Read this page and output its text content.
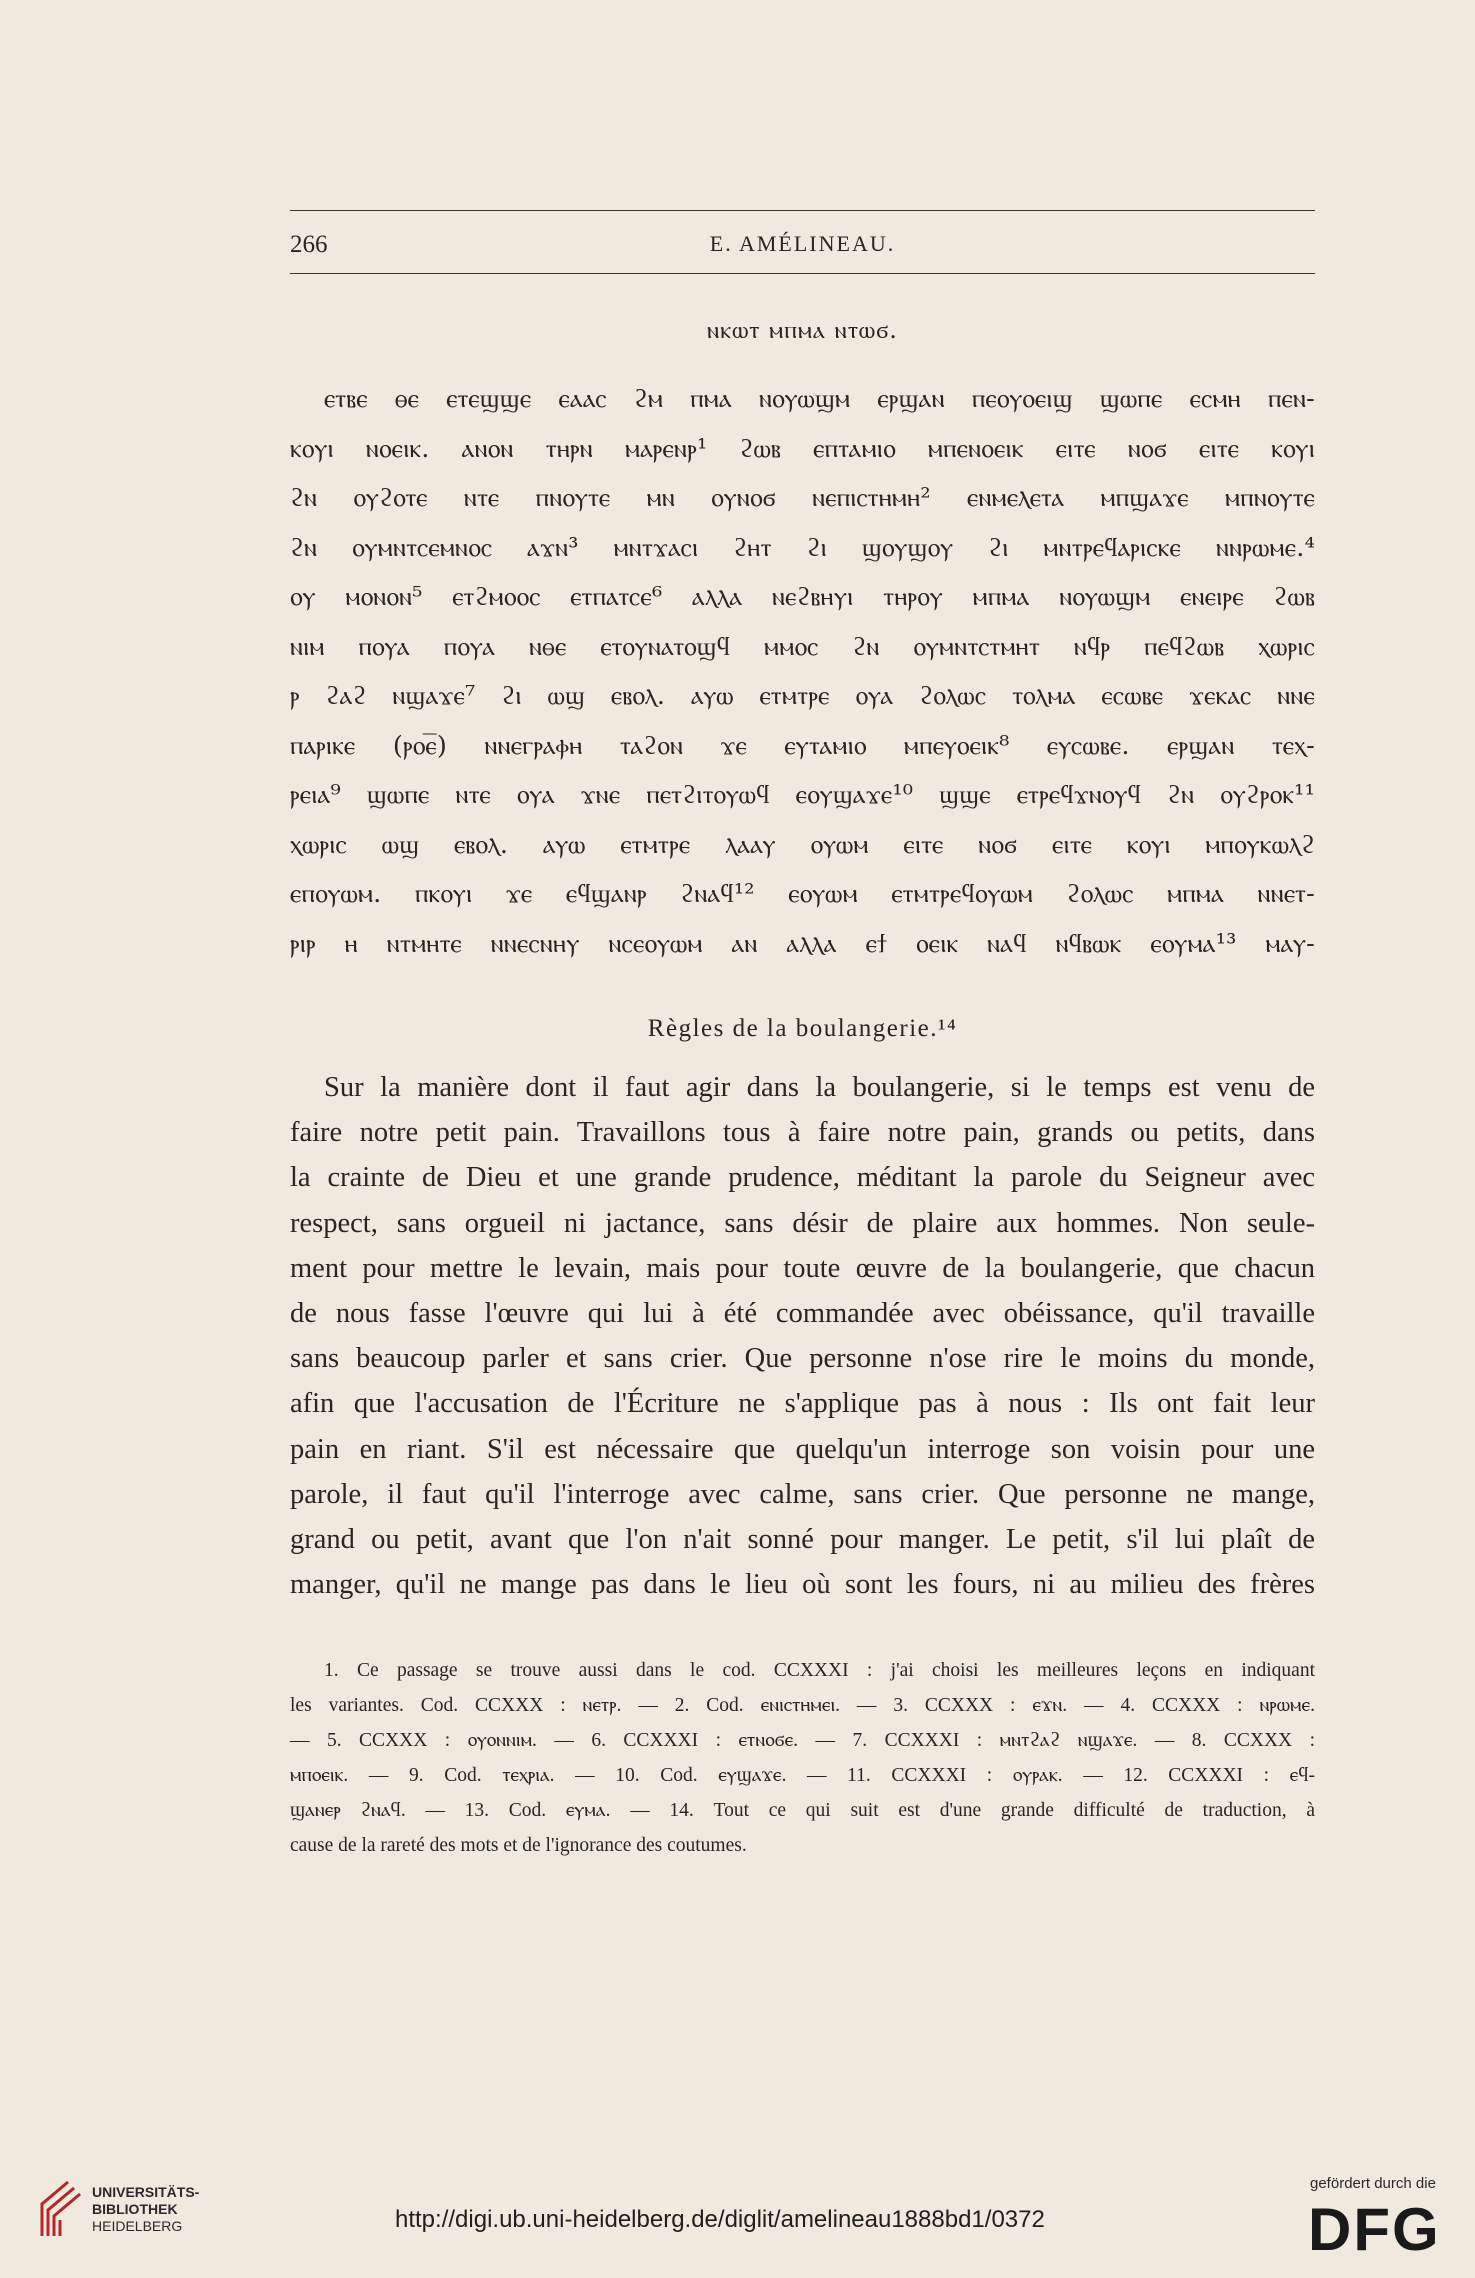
266	E. AMÉLINEAU.
ⲛⲕⲱⲧ ⲙⲡⲙⲁ ⲛⲧⲱϭ.

ⲉⲧⲃⲉ ⲑⲉ ⲉⲧⲉϣϣⲉ ⲉⲁⲁⲥ ϩⲙ ⲡⲙⲁ ⲛⲟⲩⲱϣⲙ ⲉⲣϣⲁⲛ ⲡⲉⲟⲩⲟⲉⲓϣ ϣⲱⲡⲉ ⲉⲥⲙⲏ ⲡⲉⲛ-
ⲕⲟⲩⲓ ⲛⲟⲉⲓⲕ. ⲁⲛⲟⲛ ⲧⲏⲣⲛ ⲙⲁⲣⲉⲛⲣ¹ ϩⲱⲃ ⲉⲡⲧⲁⲙⲓⲟ ⲙⲡⲉⲛⲟⲉⲓⲕ ⲉⲓⲧⲉ ⲛⲟϭ ⲉⲓⲧⲉ ⲕⲟⲩⲓ
ϩⲛ ⲟⲩϩⲟⲧⲉ ⲛⲧⲉ ⲡⲛⲟⲩⲧⲉ ⲙⲛ ⲟⲩⲛⲟϭ ⲛⲉⲡⲓⲥⲧⲏⲙⲏ² ⲉⲛⲙⲉⲗⲉⲧⲁ ⲙⲡϣⲁϫⲉ ⲙⲡⲛⲟⲩⲧⲉ
ϩⲛ ⲟⲩⲙⲛⲧⲥⲉⲙⲛⲟⲥ ⲁϫⲛ³ ⲙⲛⲧϫⲁⲥⲓ ϩⲏⲧ ϩⲓ ϣⲟⲩϣⲟⲩ ϩⲓ ⲙⲛⲧⲣⲉϥⲁⲣⲓⲥⲕⲉ ⲛⲛⲣⲱⲙⲉ.⁴
ⲟⲩ ⲙⲟⲛⲟⲛ⁵ ⲉⲧϩⲙⲟⲟⲥ ⲉⲧⲡⲁⲧⲥⲉ⁶ ⲁⲗⲗⲁ ⲛⲉϩⲃⲏⲩⲓ ⲧⲏⲣⲟⲩ ⲙⲡⲙⲁ ⲛⲟⲩⲱϣⲙ ⲉⲛⲉⲓⲣⲉ ϩⲱⲃ
ⲛⲓⲙ ⲡⲟⲩⲁ ⲡⲟⲩⲁ ⲛⲑⲉ ⲉⲧⲟⲩⲛⲁⲧⲟϣϥ ⲙⲙⲟⲥ ϩⲛ ⲟⲩⲙⲛⲧⲥⲧⲙⲏⲧ ⲛϥⲣ ⲡⲉϥϩⲱⲃ ⲭⲱⲣⲓⲥ
ⲣ ϩⲁϩ ⲛϣⲁϫⲉ⁷ ϩⲓ ⲱϣ ⲉⲃⲟⲗ. ⲁⲩⲱ ⲉⲧⲙⲧⲣⲉ ⲟⲩⲁ ϩⲟⲗⲱⲥ ⲧⲟⲗⲙⲁ ⲉⲥⲱⲃⲉ ϫⲉⲕⲁⲥ ⲛⲛⲉ
ⲡⲁⲣⲓⲕⲉ (ⲣⲟⲉ̅) ⲛⲛⲉⲅⲣⲁⲫⲏ ⲧⲁϩⲟⲛ ϫⲉ ⲉⲩⲧⲁⲙⲓⲟ ⲙⲡⲉⲩⲟⲉⲓⲕ⁸ ⲉⲩⲥⲱⲃⲉ. ⲉⲣϣⲁⲛ ⲧⲉⲭ-
ⲣⲉⲓⲁ⁹ ϣⲱⲡⲉ ⲛⲧⲉ ⲟⲩⲁ ϫⲛⲉ ⲡⲉⲧϩⲓⲧⲟⲩⲱϥ ⲉⲟⲩϣⲁϫⲉ¹⁰ ϣϣⲉ ⲉⲧⲣⲉϥϫⲛⲟⲩϥ ϩⲛ ⲟⲩϩⲣⲟⲕ¹¹
ⲭⲱⲣⲓⲥ ⲱϣ ⲉⲃⲟⲗ. ⲁⲩⲱ ⲉⲧⲙⲧⲣⲉ ⲗⲁⲁⲩ ⲟⲩⲱⲙ ⲉⲓⲧⲉ ⲛⲟϭ ⲉⲓⲧⲉ ⲕⲟⲩⲓ ⲙⲡⲟⲩⲕⲱⲗϩ
ⲉⲡⲟⲩⲱⲙ. ⲡⲕⲟⲩⲓ ϫⲉ ⲉϥϣⲁⲛⲣ ϩⲛⲁϥ¹² ⲉⲟⲩⲱⲙ ⲉⲧⲙⲧⲣⲉϥⲟⲩⲱⲙ ϩⲟⲗⲱⲥ ⲙⲡⲙⲁ ⲛⲛⲉⲧ-
ⲣⲓⲣ ⲏ ⲛⲧⲙⲏⲧⲉ ⲛⲛⲉⲥⲛⲏⲩ ⲛⲥⲉⲟⲩⲱⲙ ⲁⲛ ⲁⲗⲗⲁ ⲉϯ ⲟⲉⲓⲕ ⲛⲁϥ ⲛϥⲃⲱⲕ ⲉⲟⲩⲙⲁ¹³ ⲙⲁⲩ-

Règles de la boulangerie.¹⁴

Sur la manière dont il faut agir dans la boulangerie, si le temps est venu de
faire notre petit pain. Travaillons tous à faire notre pain, grands ou petits, dans
la crainte de Dieu et une grande prudence, méditant la parole du Seigneur avec
respect, sans orgueil ni jactance, sans désir de plaire aux hommes. Non seule-
ment pour mettre le levain, mais pour toute œuvre de la boulangerie, que chacun
de nous fasse l'œuvre qui lui à été commandée avec obéissance, qu'il travaille
sans beaucoup parler et sans crier. Que personne n'ose rire le moins du monde,
afin que l'accusation de l'Écriture ne s'applique pas à nous : Ils ont fait leur
pain en riant. S'il est nécessaire que quelqu'un interroge son voisin pour une
parole, il faut qu'il l'interroge avec calme, sans crier. Que personne ne mange,
grand ou petit, avant que l'on n'ait sonné pour manger. Le petit, s'il lui plaît de
manger, qu'il ne mange pas dans le lieu où sont les fours, ni au milieu des frères

1. Ce passage se trouve aussi dans le cod. CCXXXI : j'ai choisi les meilleures leçons en indiquant
les variantes. Cod. CCXXX : ⲛⲉⲧⲣ. — 2. Cod. ⲉⲛⲓⲥⲧⲏⲙⲉⲓ. — 3. CCXXX : ⲉϫⲛ. — 4. CCXXX : ⲛⲣⲱⲙⲉ.
— 5. CCXXX : ⲟⲩⲟⲛⲛⲓⲙ. — 6. CCXXXI : ⲉⲧⲛⲟϭⲉ. — 7. CCXXXI : ⲙⲛⲧϩⲁϩ ⲛϣⲁϫⲉ. — 8. CCXXX :
ⲙⲡⲟⲉⲓⲕ. — 9. Cod. ⲧⲉⲭⲣⲓⲁ. — 10. Cod. ⲉⲩϣⲁϫⲉ. — 11. CCXXXI : ⲟⲩⲣⲁⲕ. — 12. CCXXXI : ⲉϥ-
ϣⲁⲛⲉⲣ ϩⲛⲁϥ. — 13. Cod. ⲉⲩⲙⲁ. — 14. Tout ce qui suit est d'une grande difficulté de traduction, à
cause de la rareté des mots et de l'ignorance des coutumes.
UNIVERSITÄTS-
BIBLIOTHEK
HEIDELBERG	http://digi.ub.uni-heidelberg.de/diglit/amelineau1888bd1/0372
gefördert durch die
DFG
